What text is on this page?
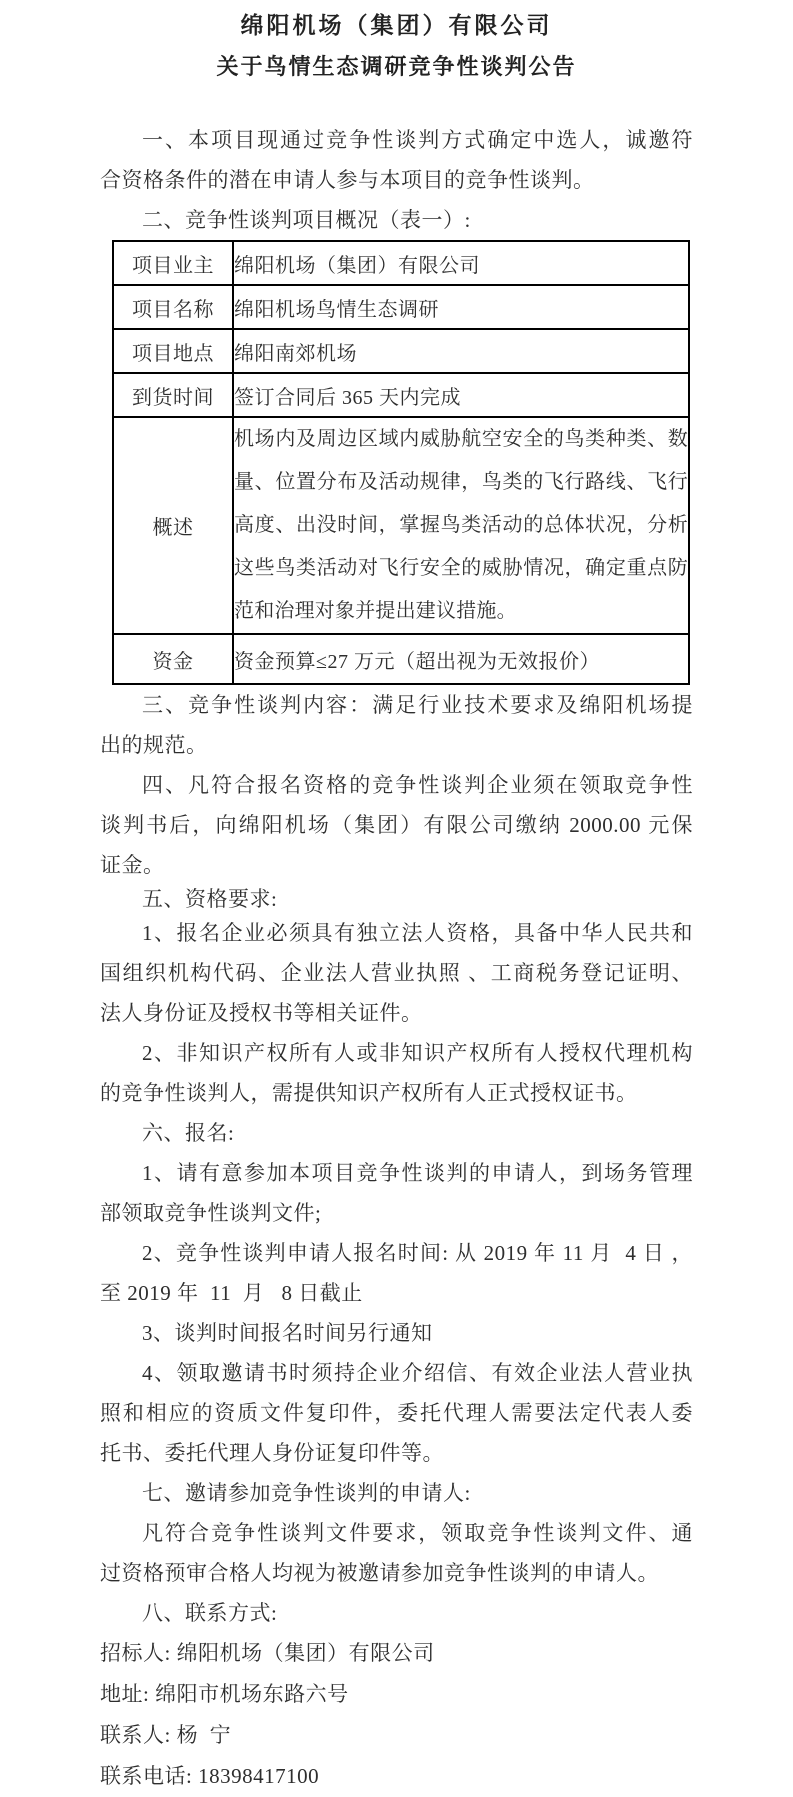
绵阳机场（集团）有限公司
关于鸟情生态调研竞争性谈判公告
一、本项目现通过竞争性谈判方式确定中选人，诚邀符
合资格条件的潜在申请人参与本项目的竞争性谈判。
二、竞争性谈判项目概况（表一）:
项目业主	绵阳机场（集团）有限公司
项目名称	绵阳机场鸟情生态调研
项目地点	绵阳南郊机场
到货时间	签订合同后 365 天内完成
概述	机场内及周边区域内威胁航空安全的鸟类种类、数
量、位置分布及活动规律，鸟类的飞行路线、飞行
高度、出没时间，掌握鸟类活动的总体状况，分析
这些鸟类活动对飞行安全的威胁情况，确定重点防
范和治理对象并提出建议措施。

资金	资金预算≤27 万元（超出视为无效报价）
三、竞争性谈判内容：满足行业技术要求及绵阳机场提
出的规范。
四、凡符合报名资格的竞争性谈判企业须在领取竞争性
谈判书后，向绵阳机场（集团）有限公司缴纳 2000.00 元保
证金。
五、资格要求:
1、报名企业必须具有独立法人资格，具备中华人民共和
国组织机构代码、企业法人营业执照 、工商税务登记证明、
法人身份证及授权书等相关证件。
2、非知识产权所有人或非知识产权所有人授权代理机构
的竞争性谈判人，需提供知识产权所有人正式授权证书。
六、报名:
1、请有意参加本项目竞争性谈判的申请人，到场务管理
部领取竞争性谈判文件;
2、竞争性谈判申请人报名时间: 从 2019 年 11 月  4 日 ，
至 2019 年  11  月   8 日截止
3、谈判时间报名时间另行通知
4、领取邀请书时须持企业介绍信、有效企业法人营业执
照和相应的资质文件复印件，委托代理人需要法定代表人委
托书、委托代理人身份证复印件等。
七、邀请参加竞争性谈判的申请人:
凡符合竞争性谈判文件要求，领取竞争性谈判文件、通
过资格预审合格人均视为被邀请参加竞争性谈判的申请人。
八、联系方式:
招标人: 绵阳机场（集团）有限公司
地址: 绵阳市机场东路六号
联系人: 杨  宁
联系电话: 18398417100
